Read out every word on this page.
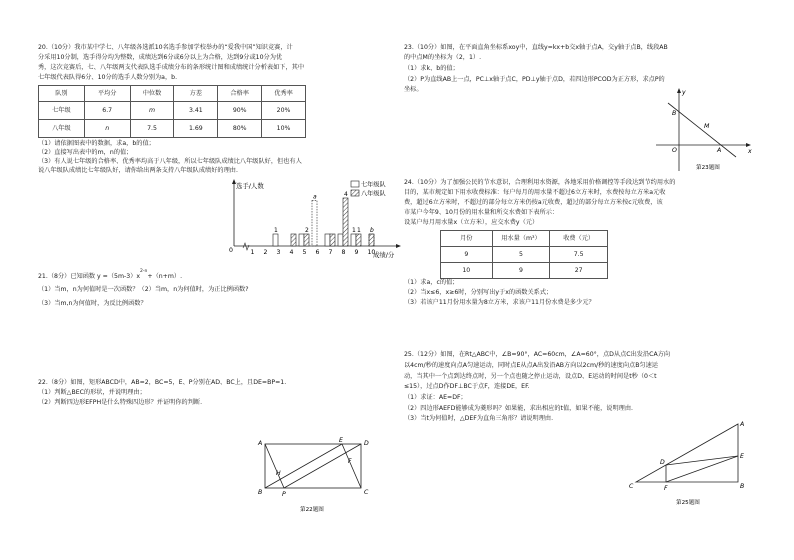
20.（10分）我市某中学七、八年级各选派10名选手参加学校举办的“爱我中国”知识竞赛，计
分采用10分制，选手得分均为整数，成绩达到6分或6分以上为合格，达到9分或10分为优
秀，这次竞赛后，七、八年级两支代表队选手成绩分布的条形统计图和成绩统计分析表如下，其中
七年级代表队得6分、10分的选手人数分别为a，b.
队别	平均分	中位数	方差	合格率	优秀率
七年级	6.7	m	3.41	90%	20%
八年级	n	7.5	1.69	80%	10%
（1）请依据图表中的数据，求a，b的值；
（2）直接写出表中的m，n的值；
（3）有人说七年级的合格率、优秀率均高于八年级，所以七年级队成绩比八年级队好，但也有人
说八年级队成绩比七年级队好，请你给出两条支持八年级队成绩好的理由.
选手/人数
0
成绩/分
1 2 3 4 5 6 7 8 9 10
1
a
1
2
4
1 b
七年级队
八年级队
21.（8分）已知函数 $y =(5m-3)x^{2-n}+(n+m)$.
（1）当m，n为何值时是一次函数？（2）当m，n为何值时，为正比例函数?
（3）当m,n为何值时，为反比例函数？
22.（8分）如图，矩形ABCD中，AB=2，BC=5，E、P分别在AD、BC上，且DE=BP=1.
（1）判断△BEC的形状，并说明理由；
（2）判断四边形EFPH是什么特殊四边形？并证明你的判断.
A	D
E
B	P	C
H
F
第22题图
23.（10分）如图，在平面直角坐标系xoy中，直线y=kx+b交x轴于点A，交y轴于点B，线段AB
的中点M的坐标为（2，1）.
（1）求k、b的值；
（2）P为直线AB上一点，PC⊥x轴于点C，PD⊥y轴于点D，若四边形PCOD为正方形，求点P的
坐标。	y
B
M
O	A	x
第23题图
24.（10分）为了加强公民的节水意识，合理利用水资源，各地采用价格调控等手段达到节约用水的
目的，某市规定如下用水收费标准：每户每月的用水量不超过6立方米时，水费按每立方米a元收
费，超过6立方米时，不超过的部分每立方米仍按a元收费，超过的部分每立方米按c元收费，该
市某户今年9、10月份的用水量和所交水费如下表所示：
设某户每月用水量x（立方米），应交水费y（元）
月份	用水量（m³）	收费（元）
9	5	7.5
10	9	27
（1）求a，c的值；
（2）当x≤6，x≥6时，分别写出y于x的函数关系式；
（3）若该户11月份用水量为8立方米，求该户11月份水费是多少元？
25.（12分）如图，在Rt△ABC中，∠B=90°，AC=60cm，∠A=60°，点D从点C出发沿CA方向
以4cm/秒的速度向点A匀速运动，同时点E从点A出发沿AB方向以2cm/秒的速度向点B匀速运
动，当其中一个点到达终点时，另一个点也随之停止运动，设点D、E运动的时间是t秒（0＜t
≤15），过点D作DF⊥BC于点F，连接DE，EF.
（1）求证：AE=DF；
（2）四边形AEFD能够成为菱形吗？如果能，求出相应的t值，如果不能，说明理由.
（3）当t为何值时，△DEF为直角三角形？请说明理由.
A
E
B
C
D
F
第25题图
